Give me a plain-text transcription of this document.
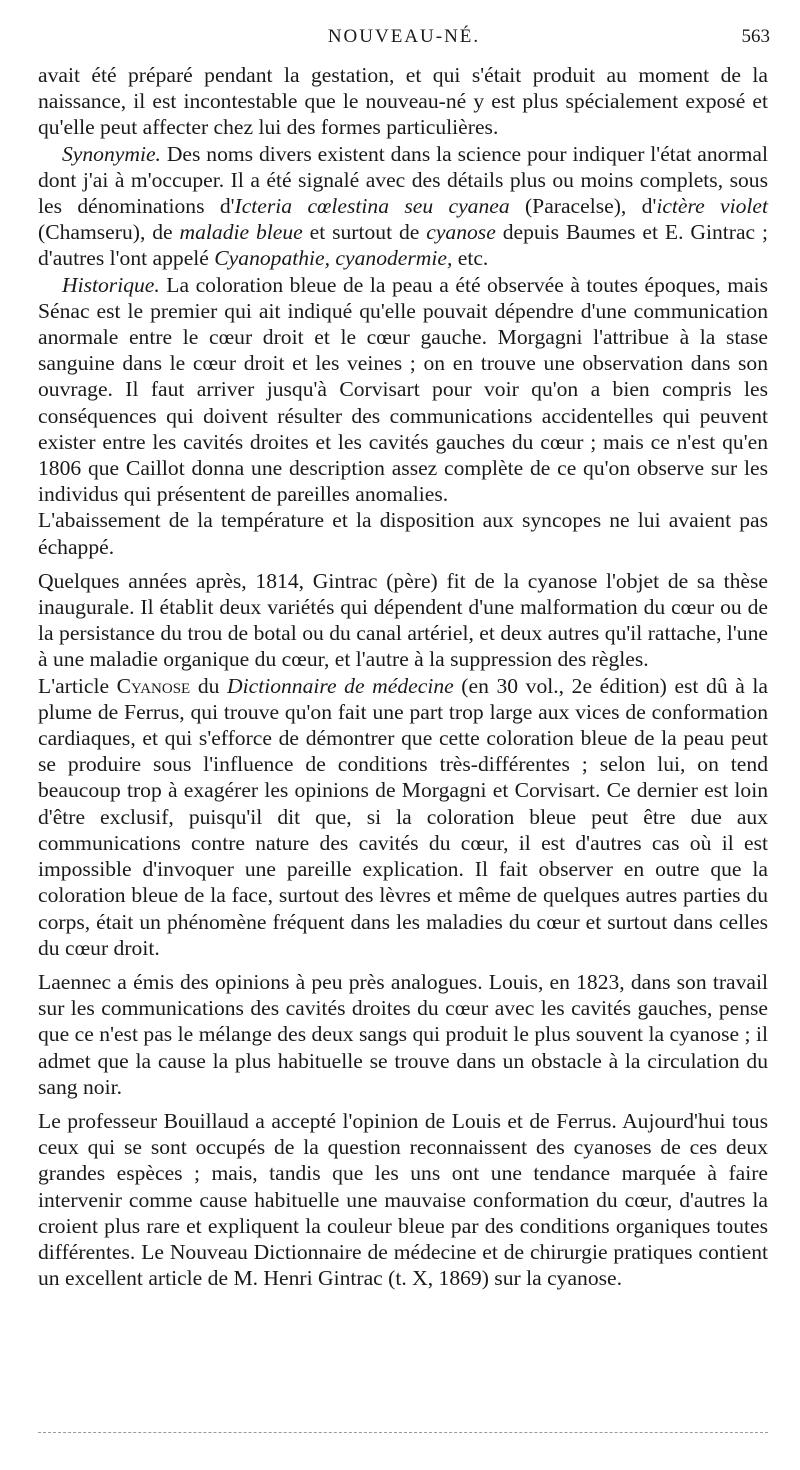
NOUVEAU-NÉ.	563

avait été préparé pendant la gestation, et qui s'était produit au moment de la naissance, il est incontestable que le nouveau-né y est plus spécialement exposé et qu'elle peut affecter chez lui des formes particulières.

Synonymie. Des noms divers existent dans la science pour indiquer l'état anormal dont j'ai à m'occuper. Il a été signalé avec des détails plus ou moins complets, sous les dénominations d'Icteria cœlestina seu cyanea (Paracelse), d'ictère violet (Chamseru), de maladie bleue et surtout de cyanose depuis Baumes et E. Gintrac ; d'autres l'ont appelé Cyanopathie, cyanodermie, etc.

Historique. La coloration bleue de la peau a été observée à toutes époques, mais Sénac est le premier qui ait indiqué qu'elle pouvait dépendre d'une communication anormale entre le cœur droit et le cœur gauche. Morgagni l'attribue à la stase sanguine dans le cœur droit et les veines ; on en trouve une observation dans son ouvrage. Il faut arriver jusqu'à Corvisart pour voir qu'on a bien compris les conséquences qui doivent résulter des communications accidentelles qui peuvent exister entre les cavités droites et les cavités gauches du cœur ; mais ce n'est qu'en 1806 que Caillot donna une description assez complète de ce qu'on observe sur les individus qui présentent de pareilles anomalies.

L'abaissement de la température et la disposition aux syncopes ne lui avaient pas échappé.

Quelques années après, 1814, Gintrac (père) fit de la cyanose l'objet de sa thèse inaugurale. Il établit deux variétés qui dépendent d'une malformation du cœur ou de la persistance du trou de botal ou du canal artériel, et deux autres qu'il rattache, l'une à une maladie organique du cœur, et l'autre à la suppression des règles.

L'article Cyanose du Dictionnaire de médecine (en 30 vol., 2e édition) est dû à la plume de Ferrus, qui trouve qu'on fait une part trop large aux vices de conformation cardiaques, et qui s'efforce de démontrer que cette coloration bleue de la peau peut se produire sous l'influence de conditions très-différentes ; selon lui, on tend beaucoup trop à exagérer les opinions de Morgagni et Corvisart. Ce dernier est loin d'être exclusif, puisqu'il dit que, si la coloration bleue peut être due aux communications contre nature des cavités du cœur, il est d'autres cas où il est impossible d'invoquer une pareille explication. Il fait observer en outre que la coloration bleue de la face, surtout des lèvres et même de quelques autres parties du corps, était un phénomène fréquent dans les maladies du cœur et surtout dans celles du cœur droit.

Laennec a émis des opinions à peu près analogues. Louis, en 1823, dans son travail sur les communications des cavités droites du cœur avec les cavités gauches, pense que ce n'est pas le mélange des deux sangs qui produit le plus souvent la cyanose ; il admet que la cause la plus habituelle se trouve dans un obstacle à la circulation du sang noir.

Le professeur Bouillaud a accepté l'opinion de Louis et de Ferrus. Aujourd'hui tous ceux qui se sont occupés de la question reconnaissent des cyanoses de ces deux grandes espèces ; mais, tandis que les uns ont une tendance marquée à faire intervenir comme cause habituelle une mauvaise conformation du cœur, d'autres la croient plus rare et expliquent la couleur bleue par des conditions organiques toutes différentes. Le Nouveau Dictionnaire de médecine et de chirurgie pratiques contient un excellent article de M. Henri Gintrac (t. X, 1869) sur la cyanose.
